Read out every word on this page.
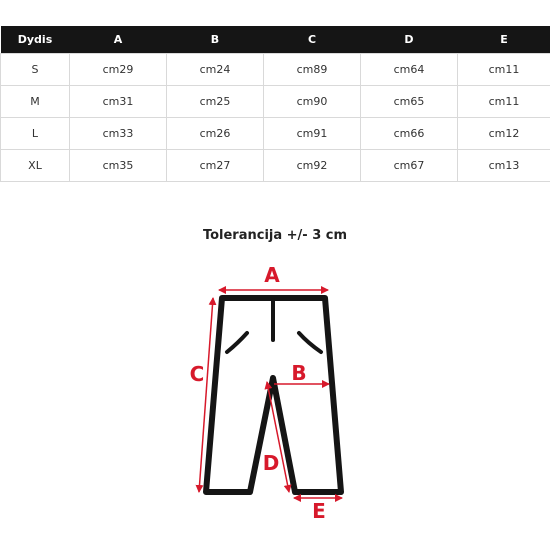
Dydis	A	B	C	D	E
S	cm29	cm24	cm89	cm64	cm11
M	cm31	cm25	cm90	cm65	cm11
L	cm33	cm26	cm91	cm66	cm12
XL	cm35	cm27	cm92	cm67	cm13
Tolerancija +/- 3 cm
A
B
C
D
E
